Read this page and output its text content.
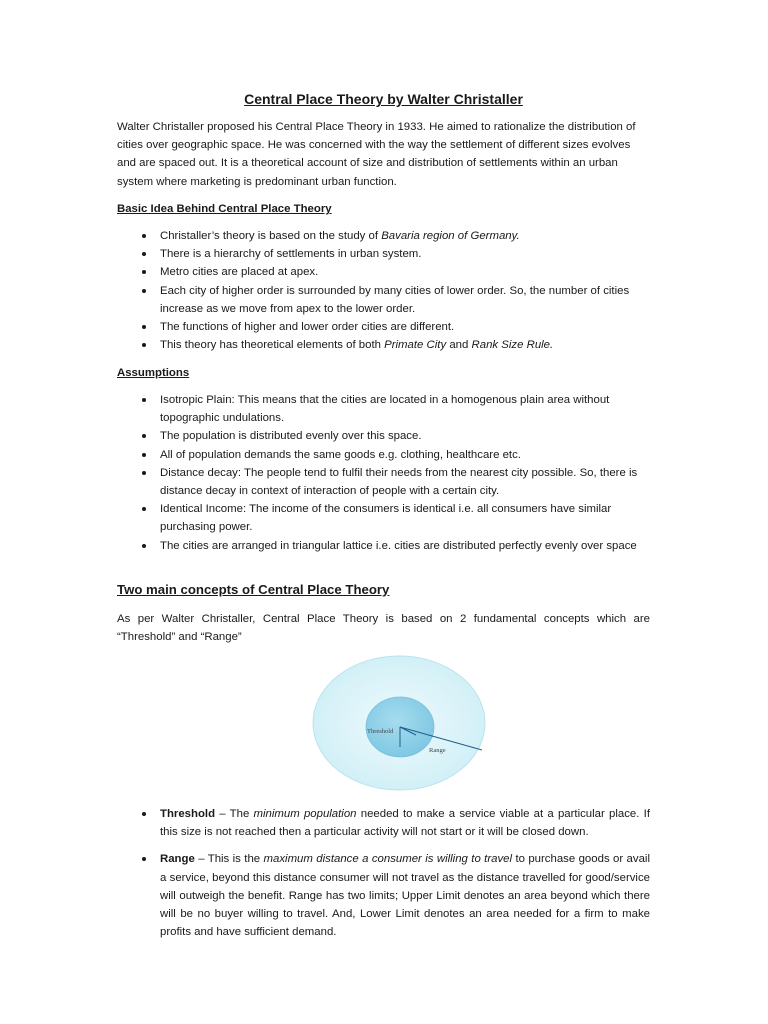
Central Place Theory by Walter Christaller

Walter Christaller proposed his Central Place Theory in 1933. He aimed to rationalize the distribution of cities over geographic space. He was concerned with the way the settlement of different sizes evolves and are spaced out. It is a theoretical account of size and distribution of settlements within an urban system where marketing is predominant urban function.

Basic Idea Behind Central Place Theory

Christaller’s theory is based on the study of Bavaria region of Germany.
There is a hierarchy of settlements in urban system.
Metro cities are placed at apex.
Each city of higher order is surrounded by many cities of lower order. So, the number of cities increase as we move from apex to the lower order.
The functions of higher and lower order cities are different.
This theory has theoretical elements of both Primate City and Rank Size Rule.

Assumptions

Isotropic Plain: This means that the cities are located in a homogenous plain area without topographic undulations.
The population is distributed evenly over this space.
All of population demands the same goods e.g. clothing, healthcare etc.
Distance decay: The people tend to fulfil their needs from the nearest city possible. So, there is distance decay in context of interaction of people with a certain city.
Identical Income: The income of the consumers is identical i.e. all consumers have similar purchasing power.
The cities are arranged in triangular lattice i.e. cities are distributed perfectly evenly over space

Two main concepts of Central Place Theory

As per Walter Christaller, Central Place Theory is based on 2 fundamental concepts which are “Threshold” and “Range”

Threshold – The minimum population needed to make a service viable at a particular place. If this size is not reached then a particular activity will not start or it will be closed down.
Range – This is the maximum distance a consumer is willing to travel to purchase goods or avail a service, beyond this distance consumer will not travel as the distance travelled for good/service will outweigh the benefit. Range has two limits; Upper Limit denotes an area beyond which there will be no buyer willing to travel. And, Lower Limit denotes an area needed for a firm to make profits and have sufficient demand.
Threshold
Range
